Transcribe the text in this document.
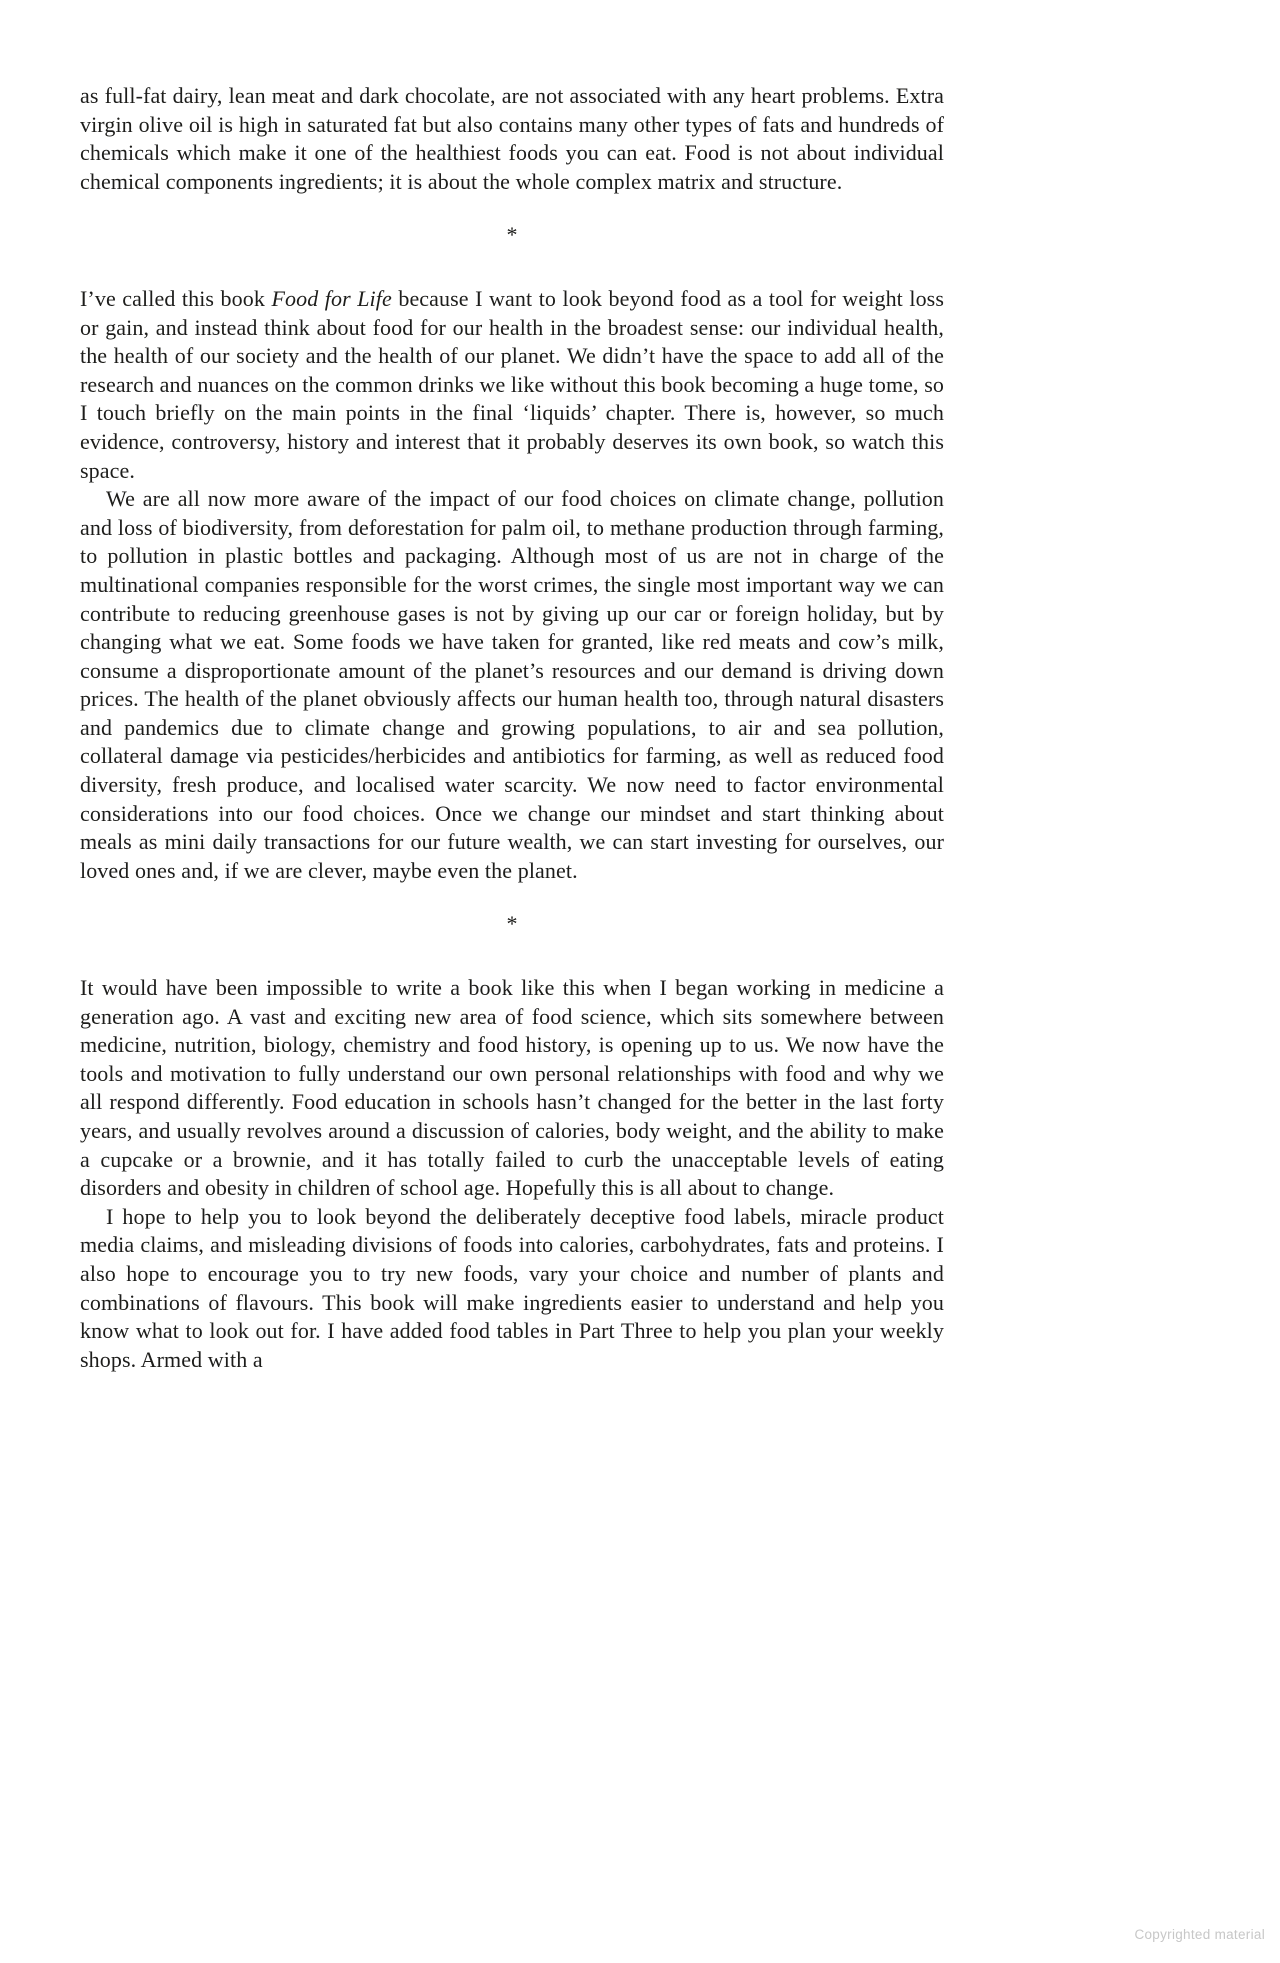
as full-fat dairy, lean meat and dark chocolate, are not associated with any heart problems. Extra virgin olive oil is high in saturated fat but also contains many other types of fats and hundreds of chemicals which make it one of the healthiest foods you can eat. Food is not about individual chemical components ingredients; it is about the whole complex matrix and structure.

*

I’ve called this book Food for Life because I want to look beyond food as a tool for weight loss or gain, and instead think about food for our health in the broadest sense: our individual health, the health of our society and the health of our planet. We didn’t have the space to add all of the research and nuances on the common drinks we like without this book becoming a huge tome, so I touch briefly on the main points in the final ‘liquids’ chapter. There is, however, so much evidence, controversy, history and interest that it probably deserves its own book, so watch this space.

We are all now more aware of the impact of our food choices on climate change, pollution and loss of biodiversity, from deforestation for palm oil, to methane production through farming, to pollution in plastic bottles and packaging. Although most of us are not in charge of the multinational companies responsible for the worst crimes, the single most important way we can contribute to reducing greenhouse gases is not by giving up our car or foreign holiday, but by changing what we eat. Some foods we have taken for granted, like red meats and cow’s milk, consume a disproportionate amount of the planet’s resources and our demand is driving down prices. The health of the planet obviously affects our human health too, through natural disasters and pandemics due to climate change and growing populations, to air and sea pollution, collateral damage via pesticides/herbicides and antibiotics for farming, as well as reduced food diversity, fresh produce, and localised water scarcity. We now need to factor environmental considerations into our food choices. Once we change our mindset and start thinking about meals as mini daily transactions for our future wealth, we can start investing for ourselves, our loved ones and, if we are clever, maybe even the planet.

*

It would have been impossible to write a book like this when I began working in medicine a generation ago. A vast and exciting new area of food science, which sits somewhere between medicine, nutrition, biology, chemistry and food history, is opening up to us. We now have the tools and motivation to fully understand our own personal relationships with food and why we all respond differently. Food education in schools hasn’t changed for the better in the last forty years, and usually revolves around a discussion of calories, body weight, and the ability to make a cupcake or a brownie, and it has totally failed to curb the unacceptable levels of eating disorders and obesity in children of school age. Hopefully this is all about to change.

I hope to help you to look beyond the deliberately deceptive food labels, miracle product media claims, and misleading divisions of foods into calories, carbohydrates, fats and proteins. I also hope to encourage you to try new foods, vary your choice and number of plants and combinations of flavours. This book will make ingredients easier to understand and help you know what to look out for. I have added food tables in Part Three to help you plan your weekly shops. Armed with a

Copyrighted material
